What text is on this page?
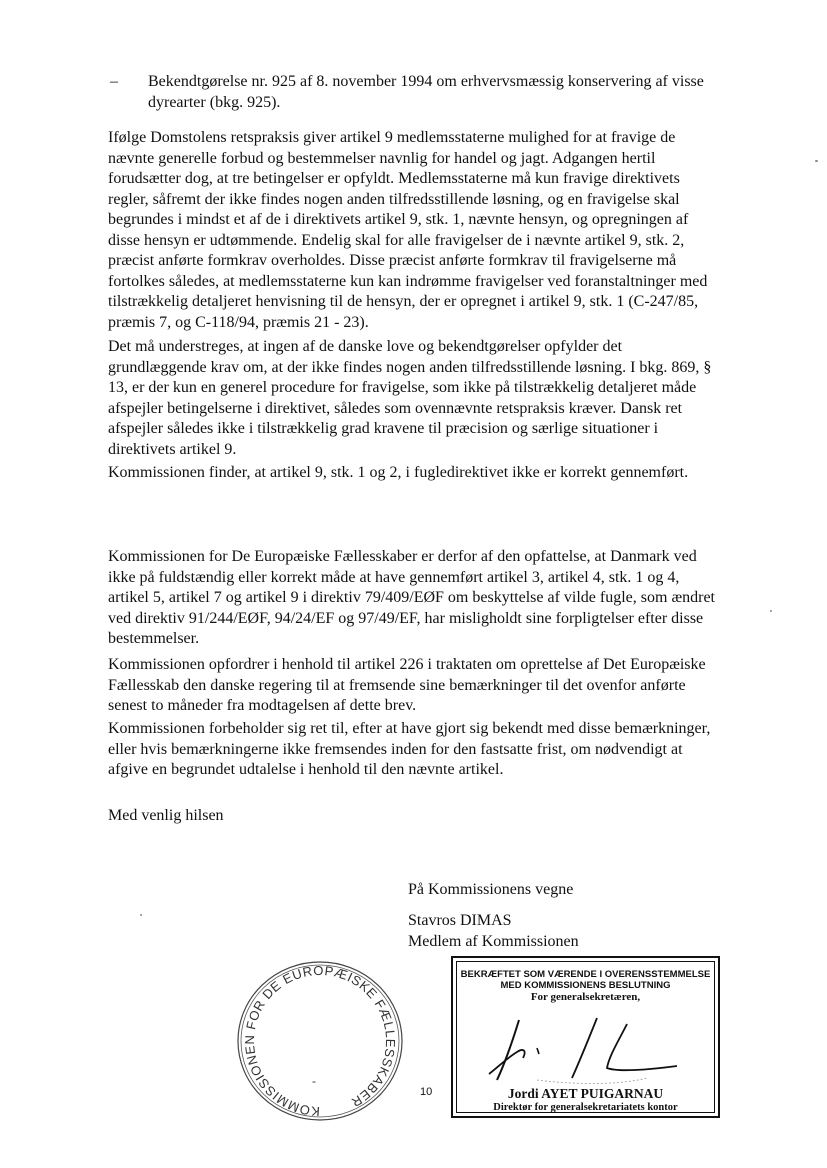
– Bekendtgørelse nr. 925 af 8. november 1994 om erhvervsmæssig konservering af visse dyrearter (bkg. 925).

Ifølge Domstolens retspraksis giver artikel 9 medlemsstaterne mulighed for at fravige de nævnte generelle forbud og bestemmelser navnlig for handel og jagt. Adgangen hertil forudsætter dog, at tre betingelser er opfyldt. Medlemsstaterne må kun fravige direktivets regler, såfremt der ikke findes nogen anden tilfredsstillende løsning, og en fravigelse skal begrundes i mindst et af de i direktivets artikel 9, stk. 1, nævnte hensyn, og opregningen af disse hensyn er udtømmende. Endelig skal for alle fravigelser de i nævnte artikel 9, stk. 2, præcist anførte formkrav overholdes. Disse præcist anførte formkrav til fravigelserne må fortolkes således, at medlemsstaterne kun kan indrømme fravigelser ved foranstaltninger med tilstrækkelig detaljeret henvisning til de hensyn, der er opregnet i artikel 9, stk. 1 (C-247/85, præmis 7, og C-118/94, præmis 21 - 23).

Det må understreges, at ingen af de danske love og bekendtgørelser opfylder det grundlæggende krav om, at der ikke findes nogen anden tilfredsstillende løsning. I bkg. 869, § 13, er der kun en generel procedure for fravigelse, som ikke på tilstrækkelig detaljeret måde afspejler betingelserne i direktivet, således som ovennævnte retspraksis kræver. Dansk ret afspejler således ikke i tilstrækkelig grad kravene til præcision og særlige situationer i direktivets artikel 9.

Kommissionen finder, at artikel 9, stk. 1 og 2, i fugledirektivet ikke er korrekt gennemført.

Kommissionen for De Europæiske Fællesskaber er derfor af den opfattelse, at Danmark ved ikke på fuldstændig eller korrekt måde at have gennemført artikel 3, artikel 4, stk. 1 og 4, artikel 5, artikel 7 og artikel 9 i direktiv 79/409/EØF om beskyttelse af vilde fugle, som ændret ved direktiv 91/244/EØF, 94/24/EF og 97/49/EF, har misligholdt sine forpligtelser efter disse bestemmelser.

Kommissionen opfordrer i henhold til artikel 226 i traktaten om oprettelse af Det Europæiske Fællesskab den danske regering til at fremsende sine bemærkninger til det ovenfor anførte senest to måneder fra modtagelsen af dette brev.

Kommissionen forbeholder sig ret til, efter at have gjort sig bekendt med disse bemærkninger, eller hvis bemærkningerne ikke fremsendes inden for den fastsatte frist, om nødvendigt at afgive en begrundet udtalelse i henhold til den nævnte artikel.

Med venlig hilsen
På Kommissionens vegne
Stavros DIMAS
Medlem af Kommissionen
KOMMISSIONEN FOR DE EUROPÆISKE FÆLLESSKABER
-
10
BEKRÆFTET SOM VÆRENDE I OVERENSSTEMMELSE
MED KOMMISSIONENS BESLUTNING
For generalsekretæren,
Jordi AYET PUIGARNAU
Direktør for generalsekretariatets kontor
